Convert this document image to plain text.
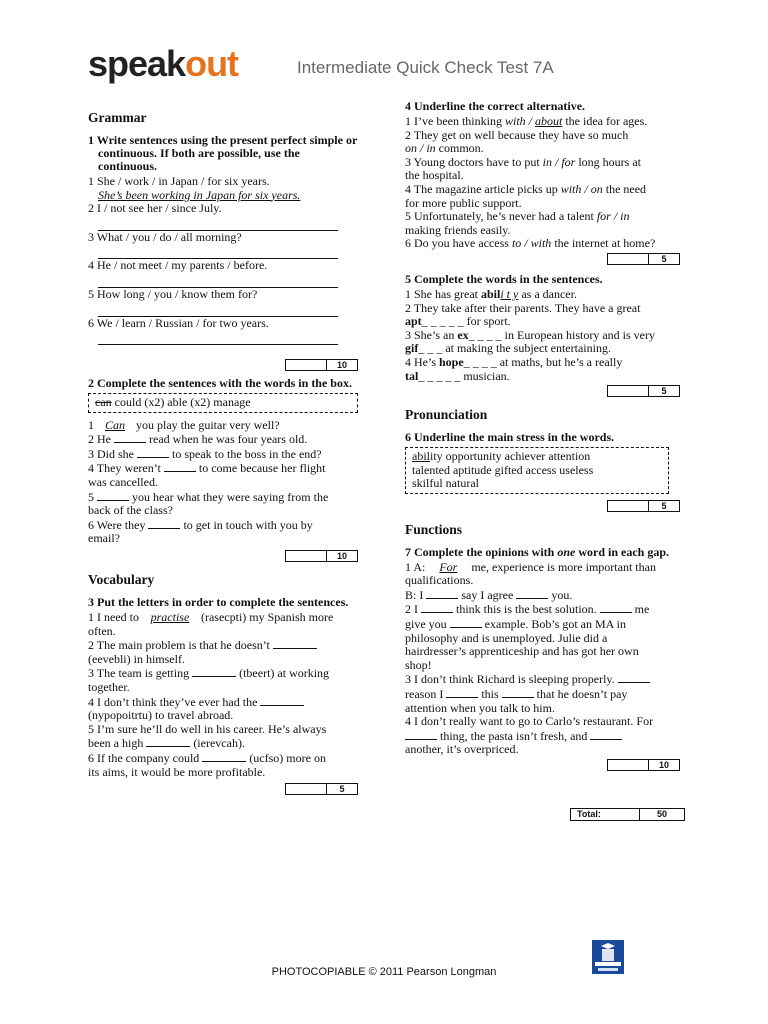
speakout	Intermediate Quick Check Test 7A
Grammar
1 Write sentences using the present perfect simple or continuous. If both are possible, use the continuous.
1 She / work / in Japan / for six years.
She’s been working in Japan for six years.
2 I / not see her / since July.
3 What / you / do / all morning?
4 He / not meet / my parents / before.
5 How long / you / know them for?
6 We / learn / Russian / for two years.
10
2 Complete the sentences with the words in the box.
can could (x2) able (x2) manage
1 Can you play the guitar very well?
2 He	read when he was four years old.
3 Did she	to speak to the boss in the end?
4 They weren’t	to come because her flight
was cancelled.
5	you hear what they were saying from the
back of the class?
6 Were they	to get in touch with you by
email?
10
Vocabulary
3 Put the letters in order to complete the sentences.
1 I need to practise (rasecpti) my Spanish more
often.
2 The main problem is that he doesn’t
(eevebli) in himself.
3 The team is getting	(tbeert) at working
together.
4 I don’t think they’ve ever had the
(nypopoitrtu) to travel abroad.
5 I’m sure he’ll do well in his career. He’s always
been a high	(ierevcah).
6 If the company could	(ucfso) more on
its aims, it would be more profitable.
5
4 Underline the correct alternative.
1 I’ve been thinking with / about the idea for ages.
2 They get on well because they have so much
on / in common.
3 Young doctors have to put in / for long hours at
the hospital.
4 The magazine article picks up with / on the need
for more public support.
5 Unfortunately, he’s never had a talent for / in
making friends easily.
6 Do you have access to / with the internet at home?
5
5 Complete the words in the sentences.
1 She has great abili t y as a dancer.
2 They take after their parents. They have a great
apt_ _ _ _ _ for sport.
3 She’s an ex_ _ _ _ in European history and is very
gif_ _ _ at making the subject entertaining.
4 He’s hope_ _ _ _ at maths, but he’s a really
tal_ _ _ _ _ musician.
5
Pronunciation
6 Underline the main stress in the words.
ability opportunity achiever attention
talented aptitude gifted access useless
skilful natural
5
Functions
7 Complete the opinions with one word in each gap.
1 A: For me, experience is more important than
qualifications.
B: I	say I agree	you.
2 I	think this is the best solution.	me
give you	example. Bob’s got an MA in
philosophy and is unemployed. Julie did a
hairdresser’s apprenticeship and has got her own
shop!
3 I don’t think Richard is sleeping properly.
reason I	this	that he doesn’t pay
attention when you talk to him.
4 I don’t really want to go to Carlo’s restaurant. For
thing, the pasta isn’t fresh, and
another, it’s overpriced.
10
Total:	50
PHOTOCOPIABLE © 2011 Pearson Longman
